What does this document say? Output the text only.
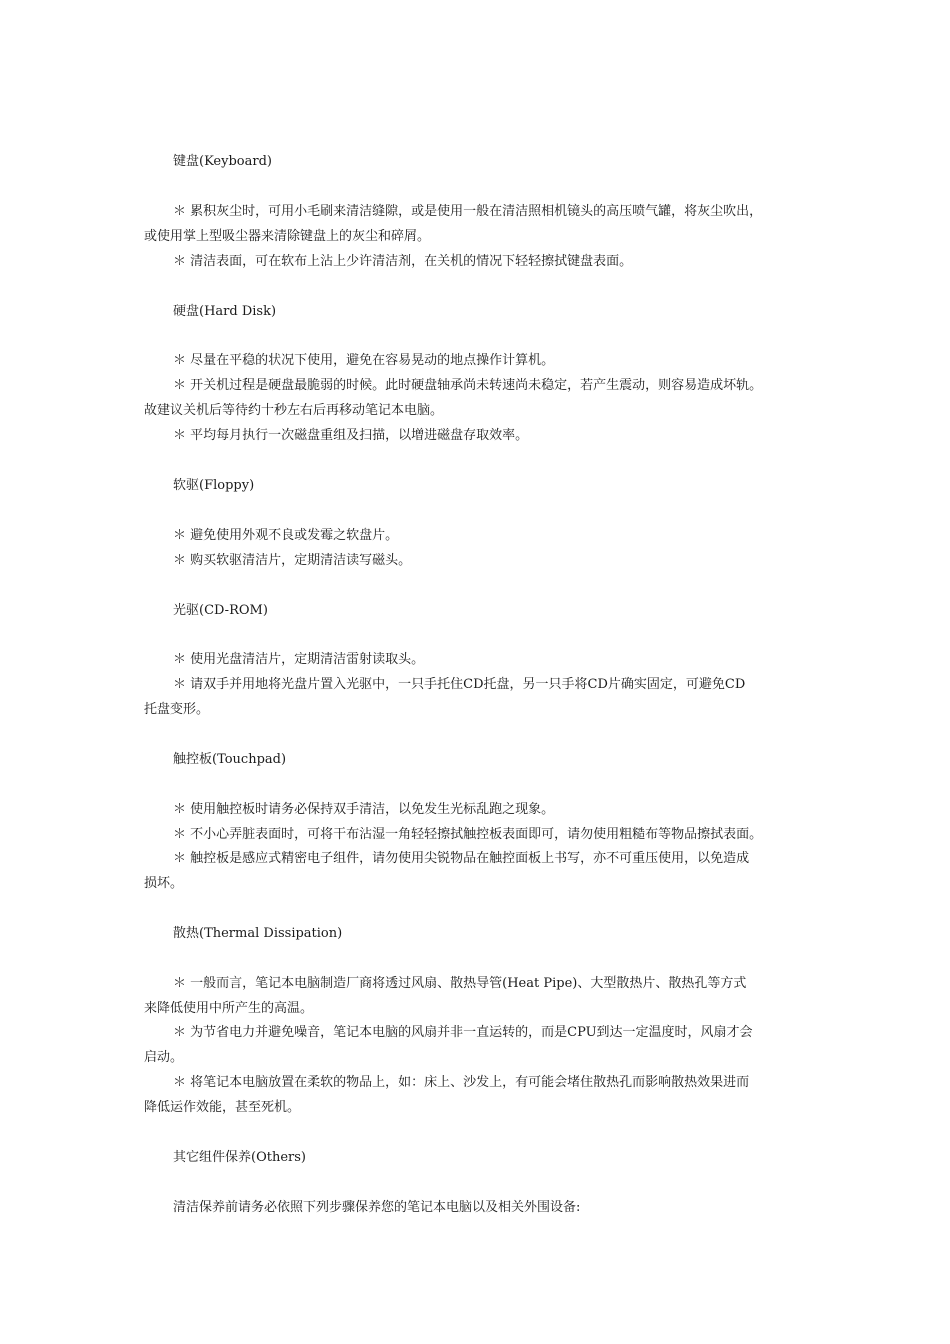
键盘(Keyboard)
＊ 累积灰尘时，可用小毛刷来清洁缝隙，或是使用一般在清洁照相机镜头的高压喷气罐，将灰尘吹出，
或使用掌上型吸尘器来清除键盘上的灰尘和碎屑。
＊ 清洁表面，可在软布上沾上少许清洁剂，在关机的情况下轻轻擦拭键盘表面。
硬盘(Hard Disk)
＊ 尽量在平稳的状况下使用，避免在容易晃动的地点操作计算机。
＊ 开关机过程是硬盘最脆弱的时候。此时硬盘轴承尚未转速尚未稳定，若产生震动，则容易造成坏轨。
故建议关机后等待约十秒左右后再移动笔记本电脑。
＊ 平均每月执行一次磁盘重组及扫描，以增进磁盘存取效率。
软驱(Floppy)
＊ 避免使用外观不良或发霉之软盘片。
＊ 购买软驱清洁片，定期清洁读写磁头。
光驱(CD-ROM)
＊ 使用光盘清洁片，定期清洁雷射读取头。
＊ 请双手并用地将光盘片置入光驱中，一只手托住CD托盘，另一只手将CD片确实固定，可避免CD
托盘变形。
触控板(Touchpad)
＊ 使用触控板时请务必保持双手清洁，以免发生光标乱跑之现象。
＊ 不小心弄脏表面时，可将干布沾湿一角轻轻擦拭触控板表面即可，请勿使用粗糙布等物品擦拭表面。
＊ 触控板是感应式精密电子组件，请勿使用尖锐物品在触控面板上书写，亦不可重压使用，以免造成
损坏。
散热(Thermal Dissipation)
＊ 一般而言，笔记本电脑制造厂商将透过风扇、散热导管(Heat Pipe)、大型散热片、散热孔等方式
来降低使用中所产生的高温。
＊ 为节省电力并避免噪音，笔记本电脑的风扇并非一直运转的，而是CPU到达一定温度时，风扇才会
启动。
＊ 将笔记本电脑放置在柔软的物品上，如：床上、沙发上，有可能会堵住散热孔而影响散热效果进而
降低运作效能，甚至死机。
其它组件保养(Others)
清洁保养前请务必依照下列步骤保养您的笔记本电脑以及相关外围设备:
